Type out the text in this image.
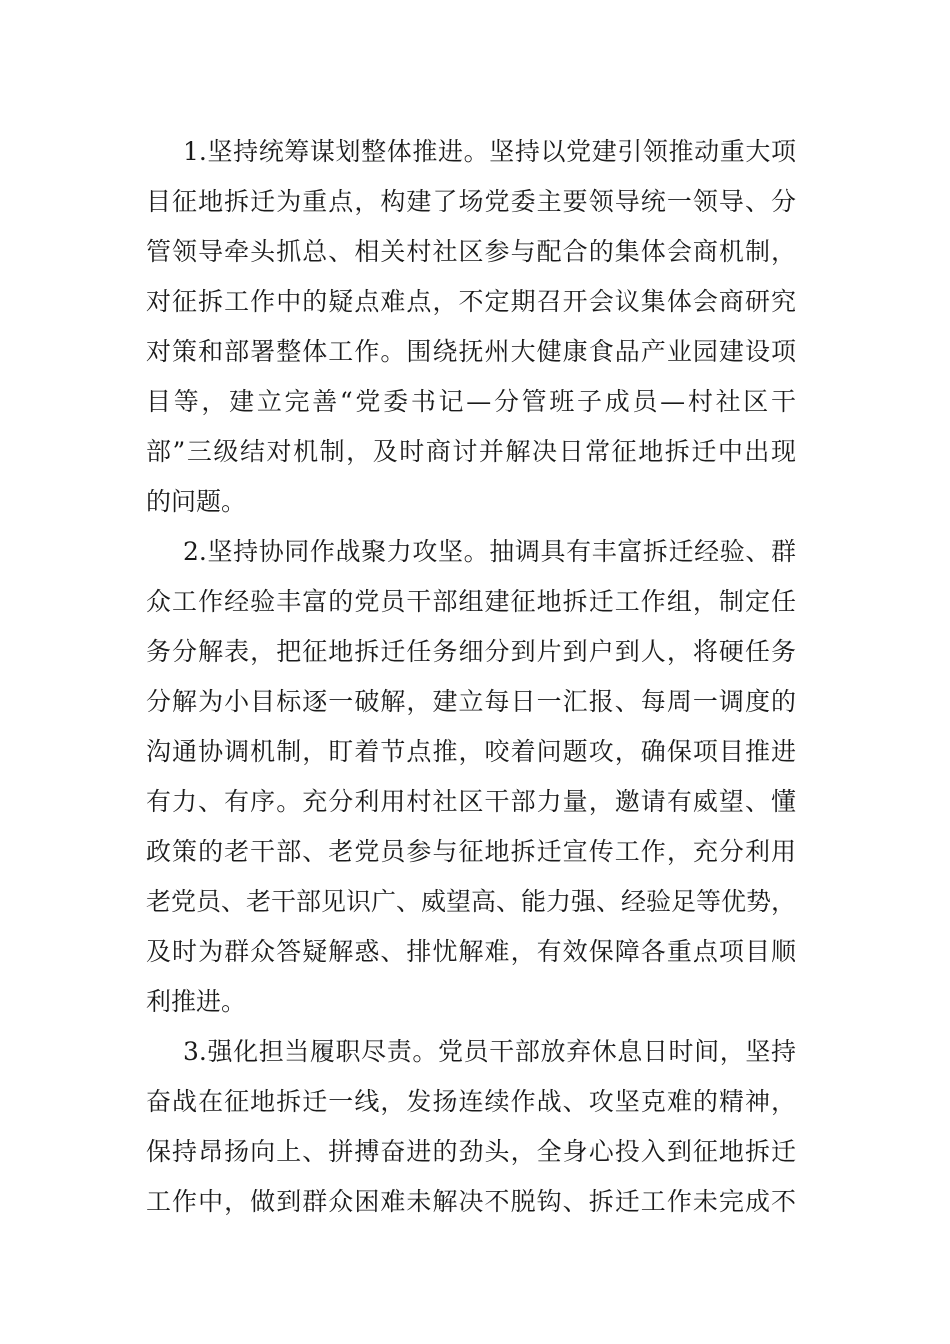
1.坚持统筹谋划整体推进。坚持以党建引领推动重大项
目征地拆迁为重点，构建了场党委主要领导统一领导、分
管领导牵头抓总、相关村社区参与配合的集体会商机制，
对征拆工作中的疑点难点，不定期召开会议集体会商研究
对策和部署整体工作。围绕抚州大健康食品产业园建设项
目等，建立完善“党委书记—分管班子成员—村社区干
部”三级结对机制，及时商讨并解决日常征地拆迁中出现
的问题。
2.坚持协同作战聚力攻坚。抽调具有丰富拆迁经验、群
众工作经验丰富的党员干部组建征地拆迁工作组，制定任
务分解表，把征地拆迁任务细分到片到户到人，将硬任务
分解为小目标逐一破解，建立每日一汇报、每周一调度的
沟通协调机制，盯着节点推，咬着问题攻，确保项目推进
有力、有序。充分利用村社区干部力量，邀请有威望、懂
政策的老干部、老党员参与征地拆迁宣传工作，充分利用
老党员、老干部见识广、威望高、能力强、经验足等优势，
及时为群众答疑解惑、排忧解难，有效保障各重点项目顺
利推进。
3.强化担当履职尽责。党员干部放弃休息日时间，坚持
奋战在征地拆迁一线，发扬连续作战、攻坚克难的精神，
保持昂扬向上、拼搏奋进的劲头，全身心投入到征地拆迁
工作中，做到群众困难未解决不脱钩、拆迁工作未完成不
